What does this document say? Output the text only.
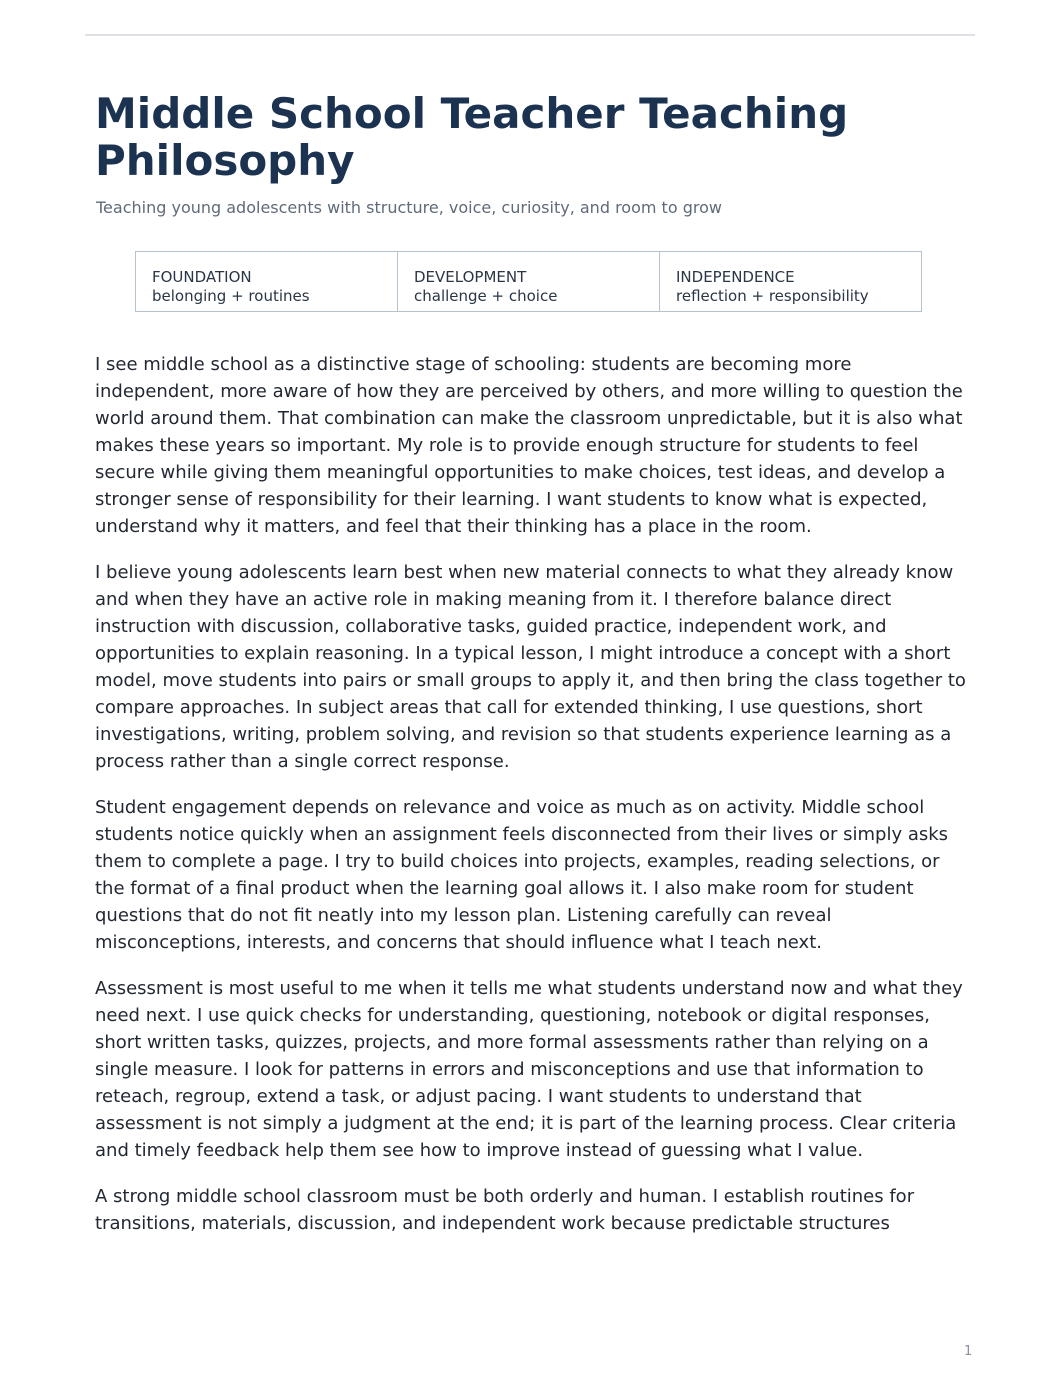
Middle School Teacher Teaching Philosophy

Teaching young adolescents with structure, voice, curiosity, and room to grow

FOUNDATION
belonging + routines
DEVELOPMENT
challenge + choice
INDEPENDENCE
reflection + responsibility

I see middle school as a distinctive stage of schooling: students are becoming more independent, more aware of how they are perceived by others, and more willing to question the world around them. That combination can make the classroom unpredictable, but it is also what makes these years so important. My role is to provide enough structure for students to feel secure while giving them meaningful opportunities to make choices, test ideas, and develop a stronger sense of responsibility for their learning. I want students to know what is expected, understand why it matters, and feel that their thinking has a place in the room.

I believe young adolescents learn best when new material connects to what they already know and when they have an active role in making meaning from it. I therefore balance direct instruction with discussion, collaborative tasks, guided practice, independent work, and opportunities to explain reasoning. In a typical lesson, I might introduce a concept with a short model, move students into pairs or small groups to apply it, and then bring the class together to compare approaches. In subject areas that call for extended thinking, I use questions, short investigations, writing, problem solving, and revision so that students experience learning as a process rather than a single correct response.

Student engagement depends on relevance and voice as much as on activity. Middle school students notice quickly when an assignment feels disconnected from their lives or simply asks them to complete a page. I try to build choices into projects, examples, reading selections, or the format of a final product when the learning goal allows it. I also make room for student questions that do not fit neatly into my lesson plan. Listening carefully can reveal misconceptions, interests, and concerns that should influence what I teach next.

Assessment is most useful to me when it tells me what students understand now and what they need next. I use quick checks for understanding, questioning, notebook or digital responses, short written tasks, quizzes, projects, and more formal assessments rather than relying on a single measure. I look for patterns in errors and misconceptions and use that information to reteach, regroup, extend a task, or adjust pacing. I want students to understand that assessment is not simply a judgment at the end; it is part of the learning process. Clear criteria and timely feedback help them see how to improve instead of guessing what I value.

A strong middle school classroom must be both orderly and human. I establish routines for transitions, materials, discussion, and independent work because predictable structures

1
